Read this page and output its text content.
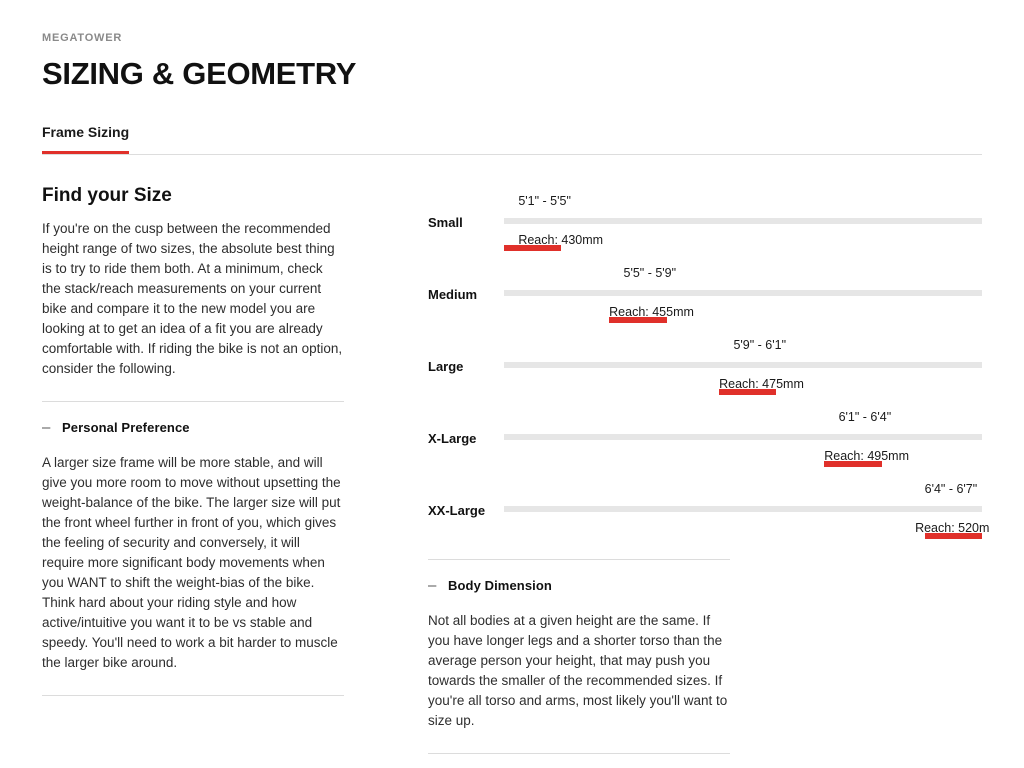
MEGATOWER
SIZING & GEOMETRY
Frame Sizing
Find your Size

If you're on the cusp between the recommended height range of two sizes, the absolute best thing is to try to ride them both. At a minimum, check the stack/reach measurements on your current bike and compare it to the new model you are looking at to get an idea of a fit you are already comfortable with. If riding the bike is not an option, consider the following.

– Personal Preference

A larger size frame will be more stable, and will give you more room to move without upsetting the weight-balance of the bike. The larger size will put the front wheel further in front of you, which gives the feeling of security and conversely, it will require more significant body movements when you WANT to shift the weight-bias of the bike. Think hard about your riding style and how active/intuitive you want it to be vs stable and speedy. You'll need to work a bit harder to muscle the larger bike around.

Small
5'1" - 5'5"
Reach: 430mm
Medium
5'5" - 5'9"
Reach: 455mm
Large
5'9" - 6'1"
Reach: 475mm
X-Large
6'1" - 6'4"
Reach: 495mm
XX-Large
6'4" - 6'7"
Reach: 520m
– Body Dimension

Not all bodies at a given height are the same. If you have longer legs and a shorter torso than the average person your height, that may push you towards the smaller of the recommended sizes. If you're all torso and arms, most likely you'll want to size up.
